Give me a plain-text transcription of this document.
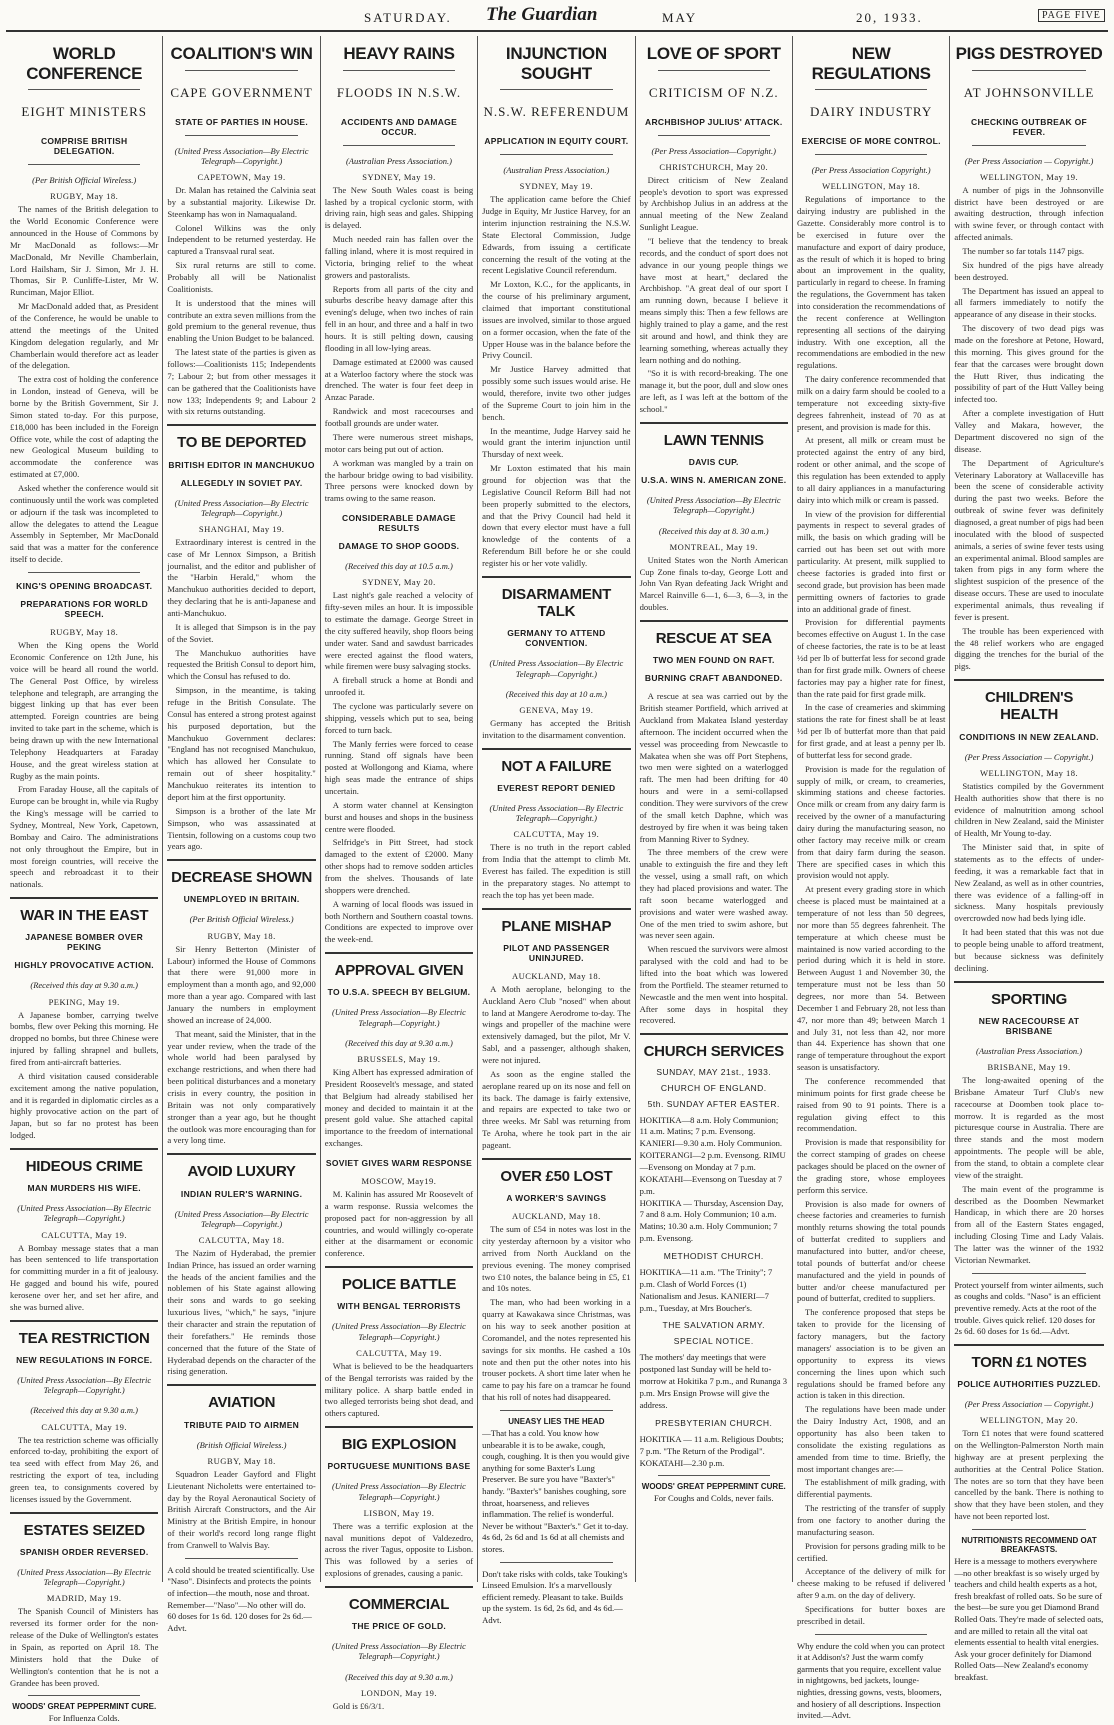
SATURDAY. The Guardian	MAY	20, 1933.	PAGE FIVE
WORLD CONFERENCE
EIGHT MINISTERS
COMPRISE BRITISH DELEGATION.
(Per British Official Wireless.)
RUGBY, May 18.

The names of the British delegation to the World Economic Conference were announced in the House of Commons by Mr MacDonald as follows:—Mr MacDonald, Mr Neville Chamberlain, Lord Hailsham, Sir J. Simon, Mr J. H. Thomas, Sir P. Cunliffe-Lister, Mr W. Runciman, Major Elliot.

Mr MacDonald added that, as President of the Conference, he would be unable to attend the meetings of the United Kingdom delegation regularly, and Mr Chamberlain would therefore act as leader of the delegation.

The extra cost of holding the conference in London, instead of Geneva, will be borne by the British Government, Sir J. Simon stated to-day. For this purpose, £18,000 has been included in the Foreign Office vote, while the cost of adapting the new Geological Museum building to accommodate the conference was estimated at £7,000.

Asked whether the conference would sit continuously until the work was completed or adjourn if the task was incompleted to allow the delegates to attend the League Assembly in September, Mr MacDonald said that was a matter for the conference itself to decide.

KING'S OPENING BROADCAST.
PREPARATIONS FOR WORLD SPEECH.
RUGBY, May 18.

When the King opens the World Economic Conference on 12th June, his voice will be heard all round the world. The General Post Office, by wireless telephone and telegraph, are arranging the biggest linking up that has ever been attempted. Foreign countries are being invited to take part in the scheme, which is being drawn up with the new International Telephony Headquarters at Faraday House, and the great wireless station at Rugby as the main points.

From Faraday House, all the capitals of Europe can be brought in, while via Rugby the King's message will be carried to Sydney, Montreal, New York, Capetown, Bombay and Cairo. The administrations not only throughout the Empire, but in most foreign countries, will receive the speech and rebroadcast it to their nationals.

WAR IN THE EAST
JAPANESE BOMBER OVER PEKING
HIGHLY PROVOCATIVE ACTION.
(Received this day at 9.30 a.m.)
PEKING, May 19.

A Japanese bomber, carrying twelve bombs, flew over Peking this morning. He dropped no bombs, but three Chinese were injured by falling shrapnel and bullets, fired from anti-aircraft batteries.

A third visitation caused considerable excitement among the native population, and it is regarded in diplomatic circles as a highly provocative action on the part of Japan, but so far no protest has been lodged.

HIDEOUS CRIME
MAN MURDERS HIS WIFE.
(United Press Association—By Electric Telegraph—Copyright.)
CALCUTTA, May 19.

A Bombay message states that a man has been sentenced to life transportation for committing murder in a fit of jealousy. He gagged and bound his wife, poured kerosene over her, and set her afire, and she was burned alive.

TEA RESTRICTION
NEW REGULATIONS IN FORCE.
(United Press Association—By Electric Telegraph—Copyright.)
(Received this day at 9.30 a.m.)
CALCUTTA, May 19.

The tea restriction scheme was officially enforced to-day, prohibiting the export of tea seed with effect from May 26, and restricting the export of tea, including green tea, to consignments covered by licenses issued by the Government.

ESTATES SEIZED
SPANISH ORDER REVERSED.
(United Press Association—By Electric Telegraph—Copyright.)
MADRID, May 19.

The Spanish Council of Ministers has reversed its former order for the non-release of the Duke of Wellington's estates in Spain, as reported on April 18. The Ministers hold that the Duke of Wellington's contention that he is not a Grandee has been proved.

WOODS' GREAT PEPPERMINT CURE.
For Influenza Colds.
COALITION'S WIN
CAPE GOVERNMENT
STATE OF PARTIES IN HOUSE.
(United Press Association—By Electric Telegraph—Copyright.)
CAPETOWN, May 19.

Dr. Malan has retained the Calvinia seat by a substantial majority. Likewise Dr. Steenkamp has won in Namaqualand.

Colonel Wilkins was the only Independent to be returned yesterday. He captured a Transvaal rural seat.

Six rural returns are still to come. Probably all will be Nationalist Coalitionists.

It is understood that the mines will contribute an extra seven millions from the gold premium to the general revenue, thus enabling the Union Budget to be balanced.

The latest state of the parties is given as follows:—Coalitionists 115; Independents 7; Labour 2; but from other messages it can be gathered that the Coalitionists have now 133; Independents 9; and Labour 2 with six returns outstanding.

TO BE DEPORTED
BRITISH EDITOR IN MANCHUKUO
ALLEGEDLY IN SOVIET PAY.
(United Press Association—By Electric Telegraph—Copyright.)
SHANGHAI, May 19.

Extraordinary interest is centred in the case of Mr Lennox Simpson, a British journalist, and the editor and publisher of the "Harbin Herald," whom the Manchukuo authorities decided to deport, they declaring that he is anti-Japanese and anti-Manchukuo.

It is alleged that Simpson is in the pay of the Soviet.

The Manchukuo authorities have requested the British Consul to deport him, which the Consul has refused to do.

Simpson, in the meantime, is taking refuge in the British Consulate. The Consul has entered a strong protest against his purposed deportation, but the Manchukuo Government declares: "England has not recognised Manchukuo, which has allowed her Consulate to remain out of sheer hospitality." Manchukuo reiterates its intention to deport him at the first opportunity.

Simpson is a brother of the late Mr Simpson, who was assassinated at Tientsin, following on a customs coup two years ago.

DECREASE SHOWN
UNEMPLOYED IN BRITAIN.
(Per British Official Wireless.)
RUGBY, May 18.

Sir Henry Betterton (Minister of Labour) informed the House of Commons that there were 91,000 more in employment than a month ago, and 92,000 more than a year ago. Compared with last January the numbers in employment showed an increase of 24,000.

That meant, said the Minister, that in the year under review, when the trade of the whole world had been paralysed by exchange restrictions, and when there had been political disturbances and a monetary crisis in every country, the position in Britain was not only comparatively stronger than a year ago, but he thought the outlook was more encouraging than for a very long time.

AVOID LUXURY
INDIAN RULER'S WARNING.
(United Press Association—By Electric Telegraph—Copyright.)
CALCUTTA, May 18.

The Nazim of Hyderabad, the premier Indian Prince, has issued an order warning the heads of the ancient families and the noblemen of his State against allowing their sons and wards to go seeking luxurious lives, "which," he says, "injure their character and strain the reputation of their forefathers." He reminds those concerned that the future of the State of Hyderabad depends on the character of the rising generation.

AVIATION
TRIBUTE PAID TO AIRMEN
(British Official Wireless.)
RUGBY, May 18.

Squadron Leader Gayford and Flight Lieutenant Nicholetts were entertained to-day by the Royal Aeronautical Society of British Aircraft Constructors, and the Air Ministry at the British Empire, in honour of their world's record long range flight from Cranwell to Walvis Bay.

A cold should be treated scientifically. Use "Naso". Disinfects and protects the points of infection—the mouth, nose and throat. Remember—"Naso"—No other will do. 60 doses for 1s 6d. 120 doses for 2s 6d.—Advt.
HEAVY RAINS
FLOODS IN N.S.W.
ACCIDENTS AND DAMAGE OCCUR.
(Australian Press Association.)
SYDNEY, May 19.

The New South Wales coast is being lashed by a tropical cyclonic storm, with driving rain, high seas and gales. Shipping is delayed.

Much needed rain has fallen over the falling inland, where it is most required in Victoria, bringing relief to the wheat growers and pastoralists.

Reports from all parts of the city and suburbs describe heavy damage after this evening's deluge, when two inches of rain fell in an hour, and three and a half in two hours. It is still pelting down, causing flooding in all low-lying areas.

Damage estimated at £2000 was caused at a Waterloo factory where the stock was drenched. The water is four feet deep in Anzac Parade.

Randwick and most racecourses and football grounds are under water.

There were numerous street mishaps, motor cars being put out of action.

A workman was mangled by a train on the harbour bridge owing to bad visibility. Three persons were knocked down by trams owing to the same reason.

CONSIDERABLE DAMAGE RESULTS
DAMAGE TO SHOP GOODS.
(Received this day at 10.5 a.m.)
SYDNEY, May 20.

Last night's gale reached a velocity of fifty-seven miles an hour. It is impossible to estimate the damage. George Street in the city suffered heavily, shop floors being under water. Sand and sawdust barricades were erected against the flood waters, while firemen were busy salvaging stocks.

A fireball struck a home at Bondi and unroofed it.

The cyclone was particularly severe on shipping, vessels which put to sea, being forced to turn back.

The Manly ferries were forced to cease running. Stand off signals have been posted at Wollongong and Kiama, where high seas made the entrance of ships uncertain.

A storm water channel at Kensington burst and houses and shops in the business centre were flooded.

Selfridge's in Pitt Street, had stock damaged to the extent of £2000. Many other shops had to remove sodden articles from the shelves. Thousands of late shoppers were drenched.

A warning of local floods was issued in both Northern and Southern coastal towns. Conditions are expected to improve over the week-end.

APPROVAL GIVEN
TO U.S.A. SPEECH BY BELGIUM.
(United Press Association—By Electric Telegraph—Copyright.)
(Received this day at 9.30 a.m.)
BRUSSELS, May 19.

King Albert has expressed admiration of President Roosevelt's message, and stated that Belgium had already stabilised her money and decided to maintain it at the present gold value. She attached capital importance to the freedom of international exchanges.

SOVIET GIVES WARM RESPONSE
MOSCOW, May19.

M. Kalinin has assured Mr Roosevelt of a warm response. Russia welcomes the proposed pact for non-aggression by all countries, and would willingly co-operate either at the disarmament or economic conference.

POLICE BATTLE
WITH BENGAL TERRORISTS
(United Press Association—By Electric Telegraph—Copyright.)
CALCUTTA, May 19.

What is believed to be the headquarters of the Bengal terrorists was raided by the military police. A sharp battle ended in two alleged terrorists being shot dead, and others captured.

BIG EXPLOSION
PORTUGUESE MUNITIONS BASE
(United Press Association—By Electric Telegraph—Copyright.)
LISBON, May 19.

There was a terrific explosion at the naval munitions depot of Valdezedro, across the river Tagus, opposite to Lisbon. This was followed by a series of explosions of grenades, causing a panic.

COMMERCIAL
THE PRICE OF GOLD.
(United Press Association—By Electric Telegraph—Copyright.)
(Received this day at 9.30 a.m.)
LONDON, May 19.

Gold is £6/3/1.

INJUNCTION SOUGHT
N.S.W. REFERENDUM
APPLICATION IN EQUITY COURT.
(Australian Press Association.)
SYDNEY, May 19.

The application came before the Chief Judge in Equity, Mr Justice Harvey, for an interim injunction restraining the N.S.W. State Electoral Commission, Judge Edwards, from issuing a certificate concerning the result of the voting at the recent Legislative Council referendum.

Mr Loxton, K.C., for the applicants, in the course of his preliminary argument, claimed that important constitutional issues are involved, similar to those argued on a former occasion, when the fate of the Upper House was in the balance before the Privy Council.

Mr Justice Harvey admitted that possibly some such issues would arise. He would, therefore, invite two other judges of the Supreme Court to join him in the bench.

In the meantime, Judge Harvey said he would grant the interim injunction until Thursday of next week.

Mr Loxton estimated that his main ground for objection was that the Legislative Council Reform Bill had not been properly submitted to the electors, and that the Privy Council had held it down that every elector must have a full knowledge of the contents of a Referendum Bill before he or she could register his or her vote validly.

DISARMAMENT TALK
GERMANY TO ATTEND CONVENTION.
(United Press Association—By Electric Telegraph—Copyright.)
(Received this day at 10 a.m.)
GENEVA, May 19.

Germany has accepted the British invitation to the disarmament convention.

NOT A FAILURE
EVEREST REPORT DENIED
(United Press Association—By Electric Telegraph—Copyright.)
CALCUTTA, May 19.

There is no truth in the report cabled from India that the attempt to climb Mt. Everest has failed. The expedition is still in the preparatory stages. No attempt to reach the top has yet been made.

PLANE MISHAP
PILOT AND PASSENGER UNINJURED.
AUCKLAND, May 18.

A Moth aeroplane, belonging to the Auckland Aero Club "nosed" when about to land at Mangere Aerodrome to-day. The wings and propeller of the machine were extensively damaged, but the pilot, Mr V. Sabl, and a passenger, although shaken, were not injured.

As soon as the engine stalled the aeroplane reared up on its nose and fell on its back. The damage is fairly extensive, and repairs are expected to take two or three weeks. Mr Sabl was returning from Te Aroha, where he took part in the air pageant.

OVER £50 LOST
A WORKER'S SAVINGS
AUCKLAND, May 18.

The sum of £54 in notes was lost in the city yesterday afternoon by a visitor who arrived from North Auckland on the previous evening. The money comprised two £10 notes, the balance being in £5, £1 and 10s notes.

The man, who had been working in a quarry at Kawakawa since Christmas, was on his way to seek another position at Coromandel, and the notes represented his savings for six months. He cashed a 10s note and then put the other notes into his trouser pockets. A short time later when he came to pay his fare on a tramcar he found that his roll of notes had disappeared.

UNEASY LIES THE HEAD
—That has a cold. You know how unbearable it is to be awake, cough, cough, coughing. It is then you would give anything for some Baxter's Lung Preserver. Be sure you have "Baxter's" handy. "Baxter's" banishes coughing, sore throat, hoarseness, and relieves inflammation. The relief is wonderful. Never be without "Baxter's." Get it to-day. 4s 6d, 2s 6d and 1s 6d at all chemists and stores.
Don't take risks with colds, take Touking's Linseed Emulsion. It's a marvellously efficient remedy. Pleasant to take. Builds up the system. 1s 6d, 2s 6d, and 4s 6d.—Advt.
LOVE OF SPORT
CRITICISM OF N.Z.
ARCHBISHOP JULIUS' ATTACK.
(Per Press Association—Copyright.)
CHRISTCHURCH, May 20.

Direct criticism of New Zealand people's devotion to sport was expressed by Archbishop Julius in an address at the annual meeting of the New Zealand Sunlight League.

"I believe that the tendency to break records, and the conduct of sport does not advance in our young people things we have most at heart," declared the Archbishop. "A great deal of our sport I am running down, because I believe it means simply this: Then a few fellows are highly trained to play a game, and the rest sit around and howl, and think they are learning something, whereas actually they learn nothing and do nothing.

"So it is with record-breaking. The one manage it, but the poor, dull and slow ones are left, as I was left at the bottom of the school."

LAWN TENNIS
DAVIS CUP.
U.S.A. WINS N. AMERICAN ZONE.
(United Press Association—By Electric Telegraph—Copyright.)
(Received this day at 8. 30 a.m.)
MONTREAL, May 19.

United States won the North American Cup Zone finals to-day, George Lott and John Van Ryan defeating Jack Wright and Marcel Rainville 6—1, 6—3, 6—3, in the doubles.

RESCUE AT SEA
TWO MEN FOUND ON RAFT.
BURNING CRAFT ABANDONED.

A rescue at sea was carried out by the British steamer Portfield, which arrived at Auckland from Makatea Island yesterday afternoon. The incident occurred when the vessel was proceeding from Newcastle to Makatea when she was off Port Stephens, two men were sighted on a waterlogged raft. The men had been drifting for 40 hours and were in a semi-collapsed condition. They were survivors of the crew of the small ketch Daphne, which was destroyed by fire when it was being taken from Manning River to Sydney.

The three members of the crew were unable to extinguish the fire and they left the vessel, using a small raft, on which they had placed provisions and water. The raft soon became waterlogged and provisions and water were washed away. One of the men tried to swim ashore, but was never seen again.

When rescued the survivors were almost paralysed with the cold and had to be lifted into the boat which was lowered from the Portfield. The steamer returned to Newcastle and the men went into hospital. After some days in hospital they recovered.

CHURCH SERVICES
SUNDAY, MAY 21st., 1933.
CHURCH OF ENGLAND.
5th. SUNDAY AFTER EASTER.
HOKITIKA—8 a.m. Holy Communion; 11 a.m. Matins; 7 p.m. Evensong. KANIERI—9.30 a.m. Holy Communion.
KOITERANGI—2 p.m. Evensong. RIMU—Evensong on Monday at 7 p.m. KOKATAHI—Evensong on Tuesday at 7 p.m.
HOKITIKA — Thursday, Ascension Day, 7 and 8 a.m. Holy Communion; 10 a.m. Matins; 10.30 a.m. Holy Communion; 7 p.m. Evensong.
METHODIST CHURCH.
HOKITIKA—11 a.m. "The Trinity"; 7 p.m. Clash of World Forces (1) Nationalism and Jesus. KANIERI—7 p.m., Tuesday, at Mrs Boucher's.
THE SALVATION ARMY.
SPECIAL NOTICE.
The mothers' day meetings that were postponed last Sunday will be held to-morrow at Hokitika 7 p.m., and Runanga 3 p.m. Mrs Ensign Prowse will give the address.
PRESBYTERIAN CHURCH.
HOKITIKA — 11 a.m. Religious Doubts; 7 p.m. "The Return of the Prodigal". KOKATAHI—2.30 p.m.
WOODS' GREAT PEPPERMINT CURE.
For Coughs and Colds, never fails.
NEW REGULATIONS
DAIRY INDUSTRY
EXERCISE OF MORE CONTROL.
(Per Press Association Copyright.)
WELLINGTON, May 18.

Regulations of importance to the dairying industry are published in the Gazette. Considerably more control is to be exercised in future over the manufacture and export of dairy produce, as the result of which it is hoped to bring about an improvement in the quality, particularly in regard to cheese. In framing the regulations, the Government has taken into consideration the recommendations of the recent conference at Wellington representing all sections of the dairying industry. With one exception, all the recommendations are embodied in the new regulations.

The dairy conference recommended that milk on a dairy farm should be cooled to a temperature not exceeding sixty-five degrees fahrenheit, instead of 70 as at present, and provision is made for this.

At present, all milk or cream must be protected against the entry of any bird, rodent or other animal, and the scope of this regulation has been extended to apply to all dairy appliances in a manufacturing dairy into which milk or cream is passed.

In view of the provision for differential payments in respect to several grades of milk, the basis on which grading will be carried out has been set out with more particularity. At present, milk supplied to cheese factories is graded into first or second grade, but provision has been made permitting owners of factories to grade into an additional grade of finest.

Provision for differential payments becomes effective on August 1. In the case of cheese factories, the rate is to be at least ½d per lb of butterfat less for second grade than for first grade milk. Owners of cheese factories may pay a higher rate for finest, than the rate paid for first grade milk.

In the case of creameries and skimming stations the rate for finest shall be at least ½d per lb of butterfat more than that paid for first grade, and at least a penny per lb. of butterfat less for second grade.

Provision is made for the regulation of supply of milk, or cream, to creameries, skimming stations and cheese factories. Once milk or cream from any dairy farm is received by the owner of a manufacturing dairy during the manufacturing season, no other factory may receive milk or cream from that dairy farm during the season. There are specified cases in which this provision would not apply.

At present every grading store in which cheese is placed must be maintained at a temperature of not less than 50 degrees, nor more than 55 degrees fahrenheit. The temperature at which cheese must be maintained is now varied according to the period during which it is held in store. Between August 1 and November 30, the temperature must not be less than 50 degrees, nor more than 54. Between December 1 and February 28, not less than 47, nor more than 49; between March 1 and July 31, not less than 42, nor more than 44. Experience has shown that one range of temperature throughout the export season is unsatisfactory.

The conference recommended that minimum points for first grade cheese be raised from 90 to 91 points. There is a regulation giving effect to this recommendation.

Provision is made that responsibility for the correct stamping of grades on cheese packages should be placed on the owner of the grading store, whose employees perform this service.

Provision is also made for owners of cheese factories and creameries to furnish monthly returns showing the total pounds of butterfat credited to suppliers and manufactured into butter, and/or cheese, total pounds of butterfat and/or cheese manufactured and the yield in pounds of butter and/or cheese manufactured per pound of butterfat, credited to suppliers.

The conference proposed that steps be taken to provide for the licensing of factory managers, but the factory managers' association is to be given an opportunity to express its views concerning the lines upon which such regulations should be framed before any action is taken in this direction.

The regulations have been made under the Dairy Industry Act, 1908, and an opportunity has also been taken to consolidate the existing regulations as amended from time to time. Briefly, the most important changes are:—

The establishment of milk grading, with differential payments.

The restricting of the transfer of supply from one factory to another during the manufacturing season.

Provision for persons grading milk to be certified.

Acceptance of the delivery of milk for cheese making to be refused if delivered after 9 a.m. on the day of delivery.

Specifications for butter boxes are prescribed in detail.

Why endure the cold when you can protect it at Addison's? Just the warm comfy garments that you require, excellent value in nightgowns, bed jackets, lounge-nighties, dressing gowns, vests, bloomers, and hosiery of all descriptions. Inspection invited.—Advt.
PIGS DESTROYED
AT JOHNSONVILLE
CHECKING OUTBREAK OF FEVER.
(Per Press Association — Copyright.)
WELLINGTON, May 19.

A number of pigs in the Johnsonville district have been destroyed or are awaiting destruction, through infection with swine fever, or through contact with affected animals.

The number so far totals 1147 pigs.

Six hundred of the pigs have already been destroyed.

The Department has issued an appeal to all farmers immediately to notify the appearance of any disease in their stocks.

The discovery of two dead pigs was made on the foreshore at Petone, Howard, this morning. This gives ground for the fear that the carcases were brought down the Hutt River, thus indicating the possibility of part of the Hutt Valley being infected too.

After a complete investigation of Hutt Valley and Makara, however, the Department discovered no sign of the disease.

The Department of Agriculture's Veterinary Laboratory at Wallaceville has been the scene of considerable activity during the past two weeks. Before the outbreak of swine fever was definitely diagnosed, a great number of pigs had been inoculated with the blood of suspected animals, a series of swine fever tests using an experimental animal. Blood samples are taken from pigs in any form where the slightest suspicion of the presence of the disease occurs. These are used to inoculate experimental animals, thus revealing if fever is present.

The trouble has been experienced with the 48 relief workers who are engaged digging the trenches for the burial of the pigs.

CHILDREN'S HEALTH
CONDITIONS IN NEW ZEALAND.
(Per Press Association — Copyright.)
WELLINGTON, May 18.

Statistics compiled by the Government Health authorities show that there is no evidence of malnutrition among school children in New Zealand, said the Minister of Health, Mr Young to-day.

The Minister said that, in spite of statements as to the effects of under-feeding, it was a remarkable fact that in New Zealand, as well as in other countries, there was evidence of a falling-off in sickness. Many hospitals previously overcrowded now had beds lying idle.

It had been stated that this was not due to people being unable to afford treatment, but because sickness was definitely declining.

SPORTING
NEW RACECOURSE AT BRISBANE
(Australian Press Association.)
BRISBANE, May 19.

The long-awaited opening of the Brisbane Amateur Turf Club's new racecourse at Doomben took place to-morrow. It is regarded as the most picturesque course in Australia. There are three stands and the most modern appointments. The people will be able, from the stand, to obtain a complete clear view of the straight.

The main event of the programme is described as the Doomben Newmarket Handicap, in which there are 20 horses from all of the Eastern States engaged, including Closing Time and Lady Valais. The latter was the winner of the 1932 Victorian Newmarket.

Protect yourself from winter ailments, such as coughs and colds. "Naso" is an efficient preventive remedy. Acts at the root of the trouble. Gives quick relief. 120 doses for 2s 6d. 60 doses for 1s 6d.—Advt.
TORN £1 NOTES
POLICE AUTHORITIES PUZZLED.
(Per Press Association — Copyright.)
WELLINGTON, May 20.

Torn £1 notes that were found scattered on the Wellington-Palmerston North main highway are at present perplexing the authorities at the Central Police Station. The notes are so torn that they have been cancelled by the bank. There is nothing to show that they have been stolen, and they have not been reported lost.

NUTRITIONISTS RECOMMEND OAT BREAKFASTS.
Here is a message to mothers everywhere—no other breakfast is so wisely urged by teachers and child health experts as a hot, fresh breakfast of rolled oats. So be sure of the best—be sure you get Diamond Brand Rolled Oats. They're made of selected oats, and are milled to retain all the vital oat elements essential to health vital energies. Ask your grocer definitely for Diamond Rolled Oats—New Zealand's economy breakfast.
